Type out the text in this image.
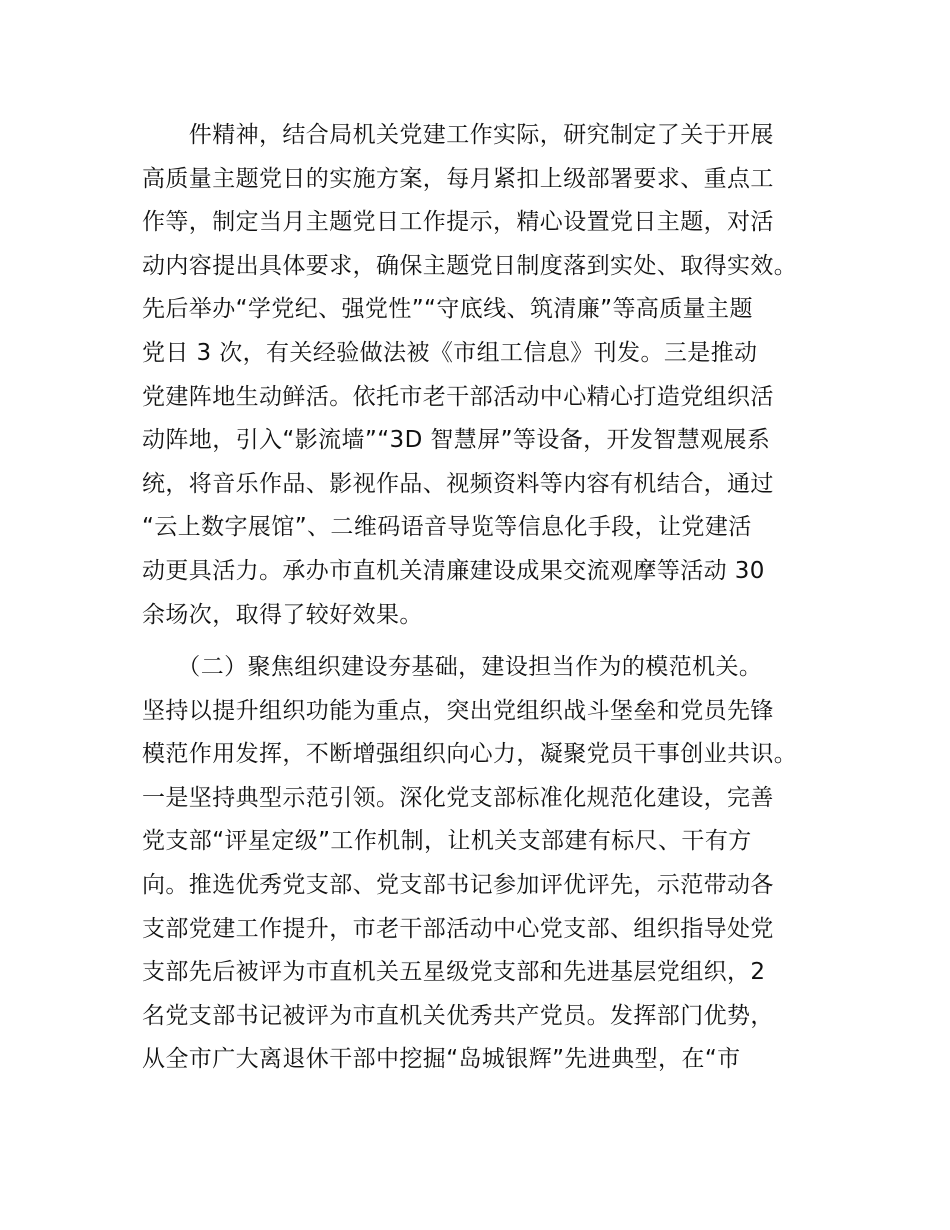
　　件精神，结合局机关党建工作实际，研究制定了关于开展
高质量主题党日的实施方案，每月紧扣上级部署要求、重点工
作等，制定当月主题党日工作提示，精心设置党日主题，对活
动内容提出具体要求，确保主题党日制度落到实处、取得实效。
先后举办“学党纪、强党性”“守底线、筑清廉”等高质量主题
党日 3 次，有关经验做法被《市组工信息》刊发。三是推动
党建阵地生动鲜活。依托市老干部活动中心精心打造党组织活
动阵地，引入“影流墙”“3D 智慧屏”等设备，开发智慧观展系
统，将音乐作品、影视作品、视频资料等内容有机结合，通过
“云上数字展馆”、二维码语音导览等信息化手段，让党建活
动更具活力。承办市直机关清廉建设成果交流观摩等活动 30
余场次，取得了较好效果。
　　（二）聚焦组织建设夯基础，建设担当作为的模范机关。
坚持以提升组织功能为重点，突出党组织战斗堡垒和党员先锋
模范作用发挥，不断增强组织向心力，凝聚党员干事创业共识。
一是坚持典型示范引领。深化党支部标准化规范化建设，完善
党支部“评星定级”工作机制，让机关支部建有标尺、干有方
向。推选优秀党支部、党支部书记参加评优评先，示范带动各
支部党建工作提升，市老干部活动中心党支部、组织指导处党
支部先后被评为市直机关五星级党支部和先进基层党组织，2
名党支部书记被评为市直机关优秀共产党员。发挥部门优势，
从全市广大离退休干部中挖掘“岛城银辉”先进典型，在“市
